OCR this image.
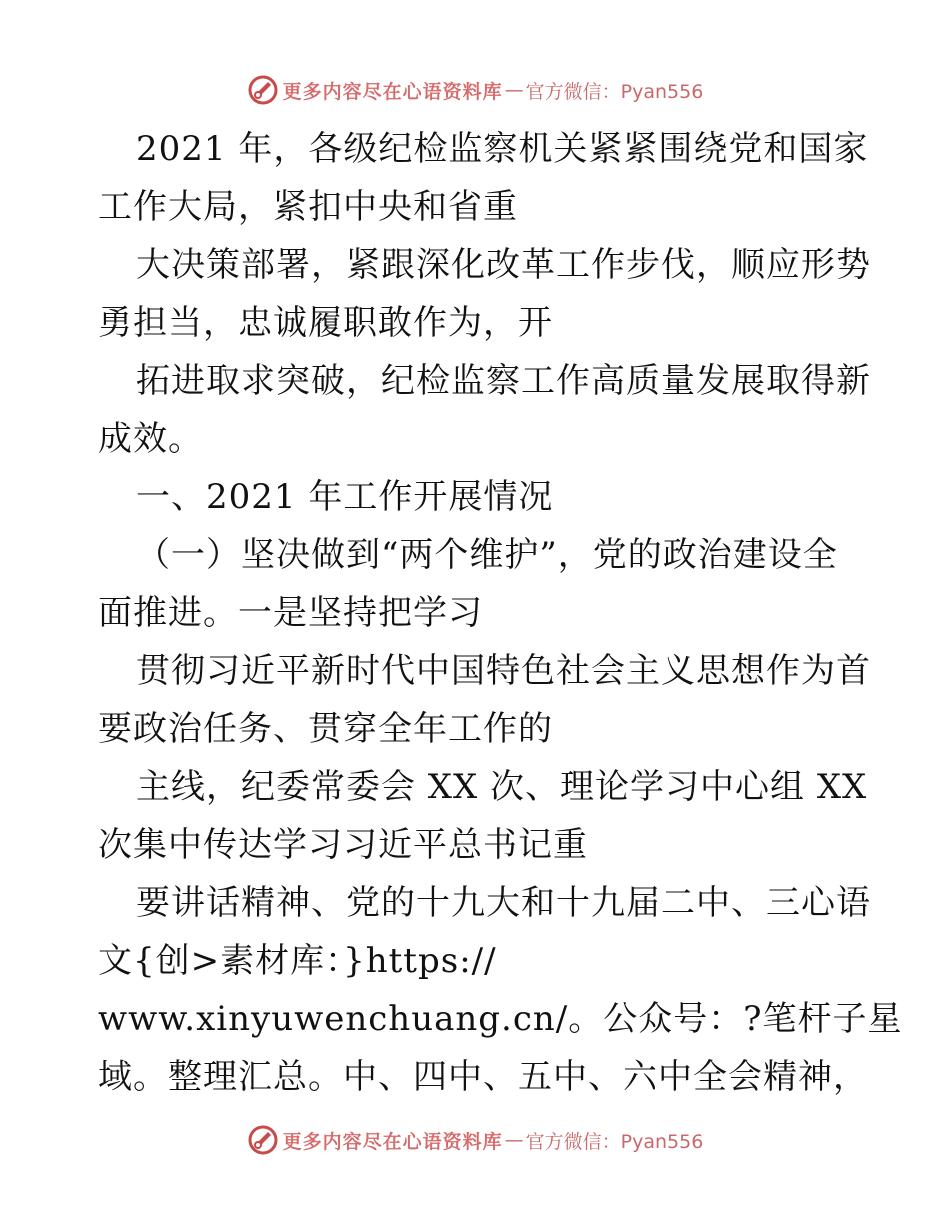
更多内容尽在心语资料库 — 官方微信：Pyan556
2021 年，各级纪检监察机关紧紧围绕党和国家
工作大局，紧扣中央和省重
大决策部署，紧跟深化改革工作步伐，顺应形势
勇担当，忠诚履职敢作为，开
拓进取求突破，纪检监察工作高质量发展取得新
成效。
一、2021 年工作开展情况
（一）坚决做到“两个维护”，党的政治建设全
面推进。一是坚持把学习
贯彻习近平新时代中国特色社会主义思想作为首
要政治任务、贯穿全年工作的
主线，纪委常委会 XX 次、理论学习中心组 XX
次集中传达学习习近平总书记重
要讲话精神、党的十九大和十九届二中、三心语
文{创>素材库：}https://
www.xinyuwenchuang.cn/。公众号：?笔杆子星
域。整理汇总。中、四中、五中、六中全会精神，
更多内容尽在心语资料库 — 官方微信：Pyan556
